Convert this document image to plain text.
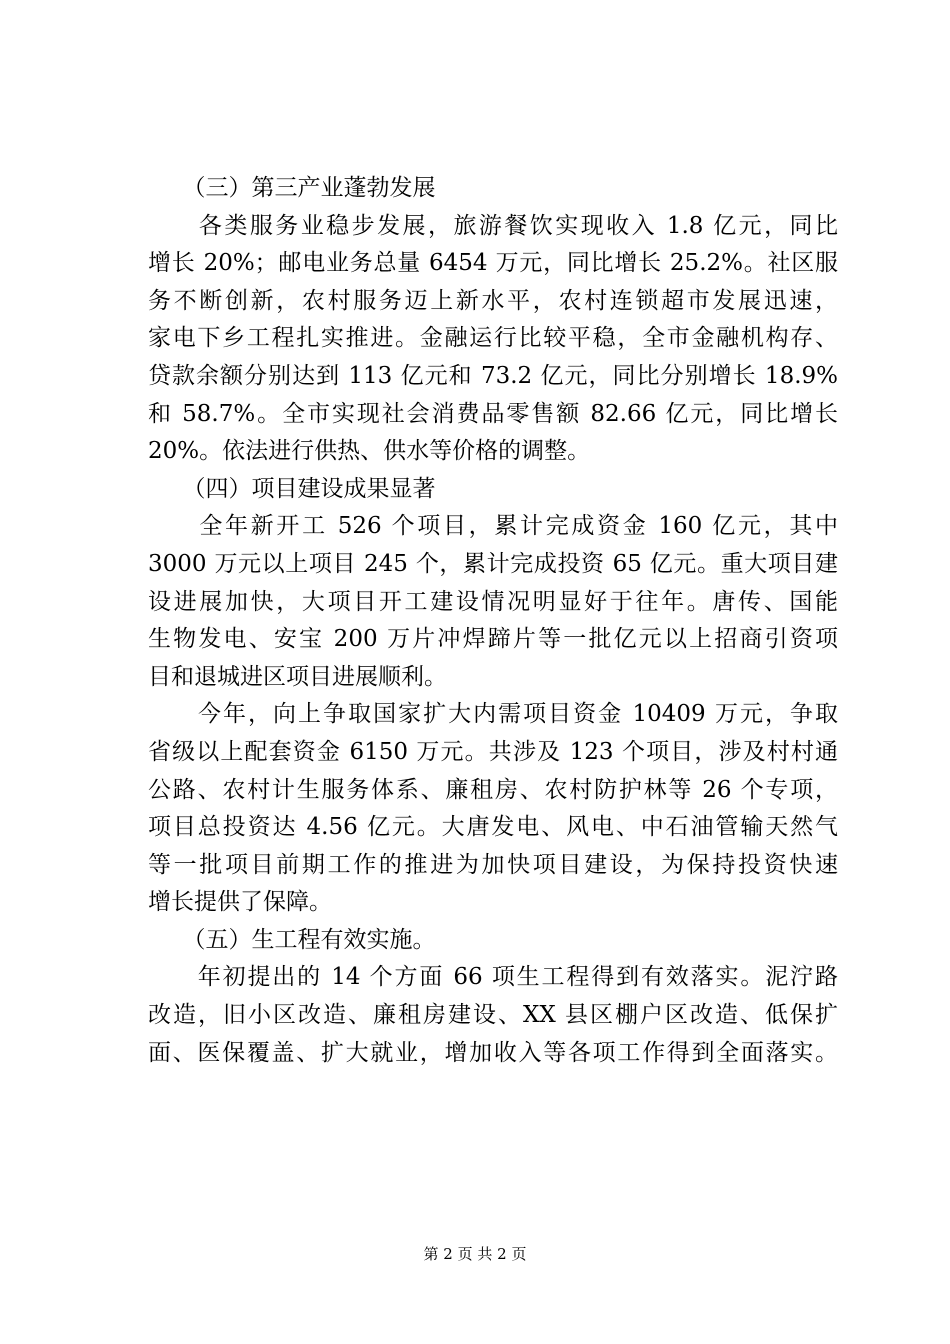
　　（三）第三产业蓬勃发展
　　各类服务业稳步发展，旅游餐饮实现收入 1.8 亿元，同比
增长 20%；邮电业务总量 6454 万元，同比增长 25.2%。社区服
务不断创新，农村服务迈上新水平，农村连锁超市发展迅速，
家电下乡工程扎实推进。金融运行比较平稳，全市金融机构存、
贷款余额分别达到 113 亿元和 73.2 亿元，同比分别增长 18.9%
和 58.7%。全市实现社会消费品零售额 82.66 亿元，同比增长
20%。依法进行供热、供水等价格的调整。
　　（四）项目建设成果显著
　　全年新开工 526 个项目，累计完成资金 160 亿元，其中
3000 万元以上项目 245 个，累计完成投资 65 亿元。重大项目建
设进展加快，大项目开工建设情况明显好于往年。唐传、国能
生物发电、安宝 200 万片冲焊蹄片等一批亿元以上招商引资项
目和退城进区项目进展顺利。
　　今年，向上争取国家扩大内需项目资金 10409 万元，争取
省级以上配套资金 6150 万元。共涉及 123 个项目，涉及村村通
公路、农村计生服务体系、廉租房、农村防护林等 26 个专项，
项目总投资达 4.56 亿元。大唐发电、风电、中石油管输天然气
等一批项目前期工作的推进为加快项目建设，为保持投资快速
增长提供了保障。
　　（五）生工程有效实施。
　　年初提出的 14 个方面 66 项生工程得到有效落实。泥泞路
改造，旧小区改造、廉租房建设、XX 县区棚户区改造、低保扩
面、医保覆盖、扩大就业，增加收入等各项工作得到全面落实。
第 2 页 共 2 页
